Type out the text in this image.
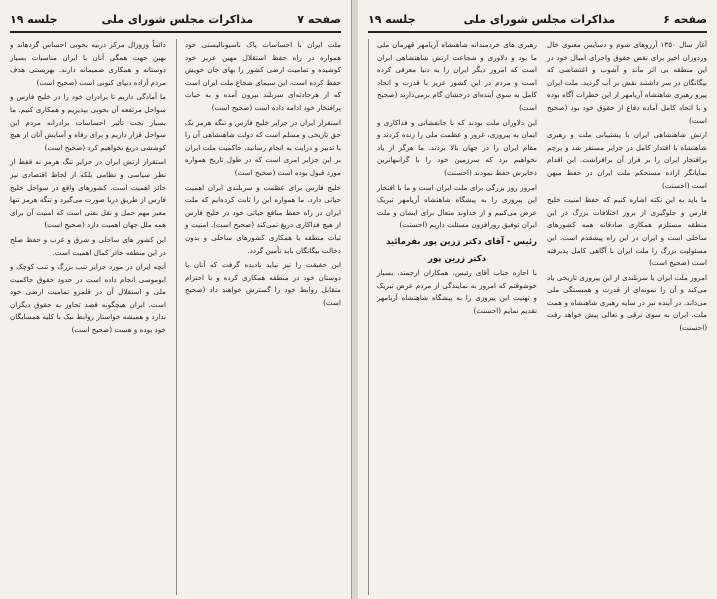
صفحه ۷
مذاکرات مجلس شورای ملی
جلسه ۱۹

ملت ایران با احساسات پاک ناسیونالیستی خود همواره در راه حفظ استقلال مهین عزیز خود کوشیده و تمامیت ارضی کشور را بهای جان خویش حفظ کرده است. این سیمای شجاع ملت ایران است که از هرحادثه‌ای سربلند بیرون آمده و به حیات پرافتخار خود ادامه داده است (صحیح است)

استقرار ایران در جزایر خلیج فارس و تنگه هرمز یک حق تاریخی و مسلم است که دولت شاهنشاهی آن را با تدبیر و درایت به انجام رسانید. حاکمیت ملت ایران بر این جزایر امری است که در طول تاریخ همواره مورد قبول بوده است (صحیح است)

خلیج فارس برای عظمت و سربلندی ایران اهمیت حیاتی دارد. ما همواره این را ثابت کرده‌ایم که ملت ایران در راه حفظ منافع حیاتی خود در خلیج فارس از هیچ فداکاری دریغ نمی‌کند (صحیح است). امنیت و ثبات منطقه با همکاری کشورهای ساحلی و بدون دخالت بیگانگان باید تأمین گردد.

این حقیقت را نیز نباید نادیده گرفت که آنان با دوستان خود در منطقه همکاری کرده و با احترام متقابل روابط خود را گسترش خواهند داد (صحیح است)

دائماً وزوزال مرکز دربیه بخوبی احساس گردهاند و بهین جهت همگی آنان با ایران مناسبات بسیار دوستانه و همکاری صمیمانه دارند. بهزیستی هدف مردم آزاده دنیای کنونی است (صحیح است)

ما آمادگی داریم تا برادران خود را در خلیج فارس و سواحل مرتفعه آن بخوبی بپذیریم و همکاری کنیم. ما بسیار تحت تأثیر احساسات برادرانه مردم این سواحل قرار داریم و برای رفاه و آسایش آنان از هیچ کوششی دریغ نخواهیم کرد (صحیح است)

استقرار ارتش ایران در جزایر تنگ هرمز نه فقط از نظر سیاسی و نظامی بلکه از لحاظ اقتصادی نیز حائز اهمیت است. کشورهای واقع در سواحل خلیج فارس از طریق دریا صورت می‌گیرد و تنگه هرمز تنها معبر مهم حمل و نقل نفتی است که امنیت آن برای همه ملل جهان اهمیت دارد (صحیح است)

این کشور های ساحلی و شرق و غرب و حفظ صلح در این منطقه حائز کمال اهمیت است.

آنچه ایران در مورد جزایر تنب بزرگ و تنب کوچک و ابوموسی انجام داده است در حدود حقوق حاکمیت ملی و استقلال آن در قلمرو تمامیت ارضی خود است. ایران هیچگونه قصد تجاوز به حقوق دیگران ندارد و همیشه خواستار روابط نیک با کلیه همسایگان خود بوده و هست (صحیح است)

صفحه ۶
مذاکرات مجلس شورای ملی
جلسه ۱۹

آغاز سال ۱۳۵۰ آرزوهای شوم و دسایس معنوی خال وردوران اخیر برای نقض حقوق واجرای امیال خود در این منطقه بی اثر ماند و آشوب و اغتشاشی که بیگانگان در سر داشتند نقش بر آب گردید. ملت ایران پیرو رهبری شاهنشاه آریامهر از این خطرات آگاه بوده و با اتحاد کامل آماده دفاع از حقوق خود بود (صحیح است)

ارتش شاهنشاهی ایران با پشتیبانی ملت و رهبری شاهنشاه با اقتدار کامل در جزایر مستقر شد و پرچم پرافتخار ایران را بر فراز آن برافراشت. این اقدام نمایانگر اراده مستحکم ملت ایران در حفظ میهن است (احسنت)

ما باید به این نکته اشاره کنیم که حفظ امنیت خلیج فارس و جلوگیری از بروز اختلافات بزرگ در این منطقه مستلزم همکاری صادقانه همه کشورهای ساحلی است و ایران در این راه پیشقدم است. این مسئولیت بزرگ را ملت ایران با آگاهی کامل پذیرفته است (صحیح است)

امروز ملت ایران با سربلندی از این پیروزی تاریخی یاد می‌کند و آن را نمونه‌ای از قدرت و همبستگی ملی می‌داند. در آینده نیز در سایه رهبری شاهنشاه و همت ملت، ایران به سوی ترقی و تعالی پیش خواهد رفت (احسنت)

رهبری های خردمندانه شاهنشاه آریامهر قهرمان ملی ما بود و دلاوری و شجاعت ارتش شاهنشاهی ایران است که امروز دیگر ایران را به دنیا معرفی کرده است و مردم در این کشور عزیز با قدرت و اتحاد کامل به سوی آینده‌ای درخشان گام برمی‌دارند (صحیح است)

این دلاوران ملت بودند که با جانفشانی و فداکاری و ایمان به پیروزی، غرور و عظمت ملی را زنده کردند و مقام ایران را در جهان بالا بردند. ما هرگز از یاد نخواهیم برد که سرزمین خود را با گرانبهاترین ذخایرش حفظ نمودند (احسنت)

امروز روز بزرگی برای ملت ایران است و ما با افتخار این پیروزی را به پیشگاه شاهنشاه آریامهر تبریک عرض می‌کنیم و از خداوند متعال برای ایشان و ملت ایران توفیق روزافزون مسئلت داریم (احسنت)

رئیس - آقای دکتر زرین پور بفرمائید
دکتر زرین پور

با اجازه جناب آقای رئیس، همکاران ارجمند، بسیار خوشوقتم که امروز به نمایندگی از مردم عرض تبریک و تهنیت این پیروزی را به پیشگاه شاهنشاه آریامهر تقدیم نمایم (احسنت)
